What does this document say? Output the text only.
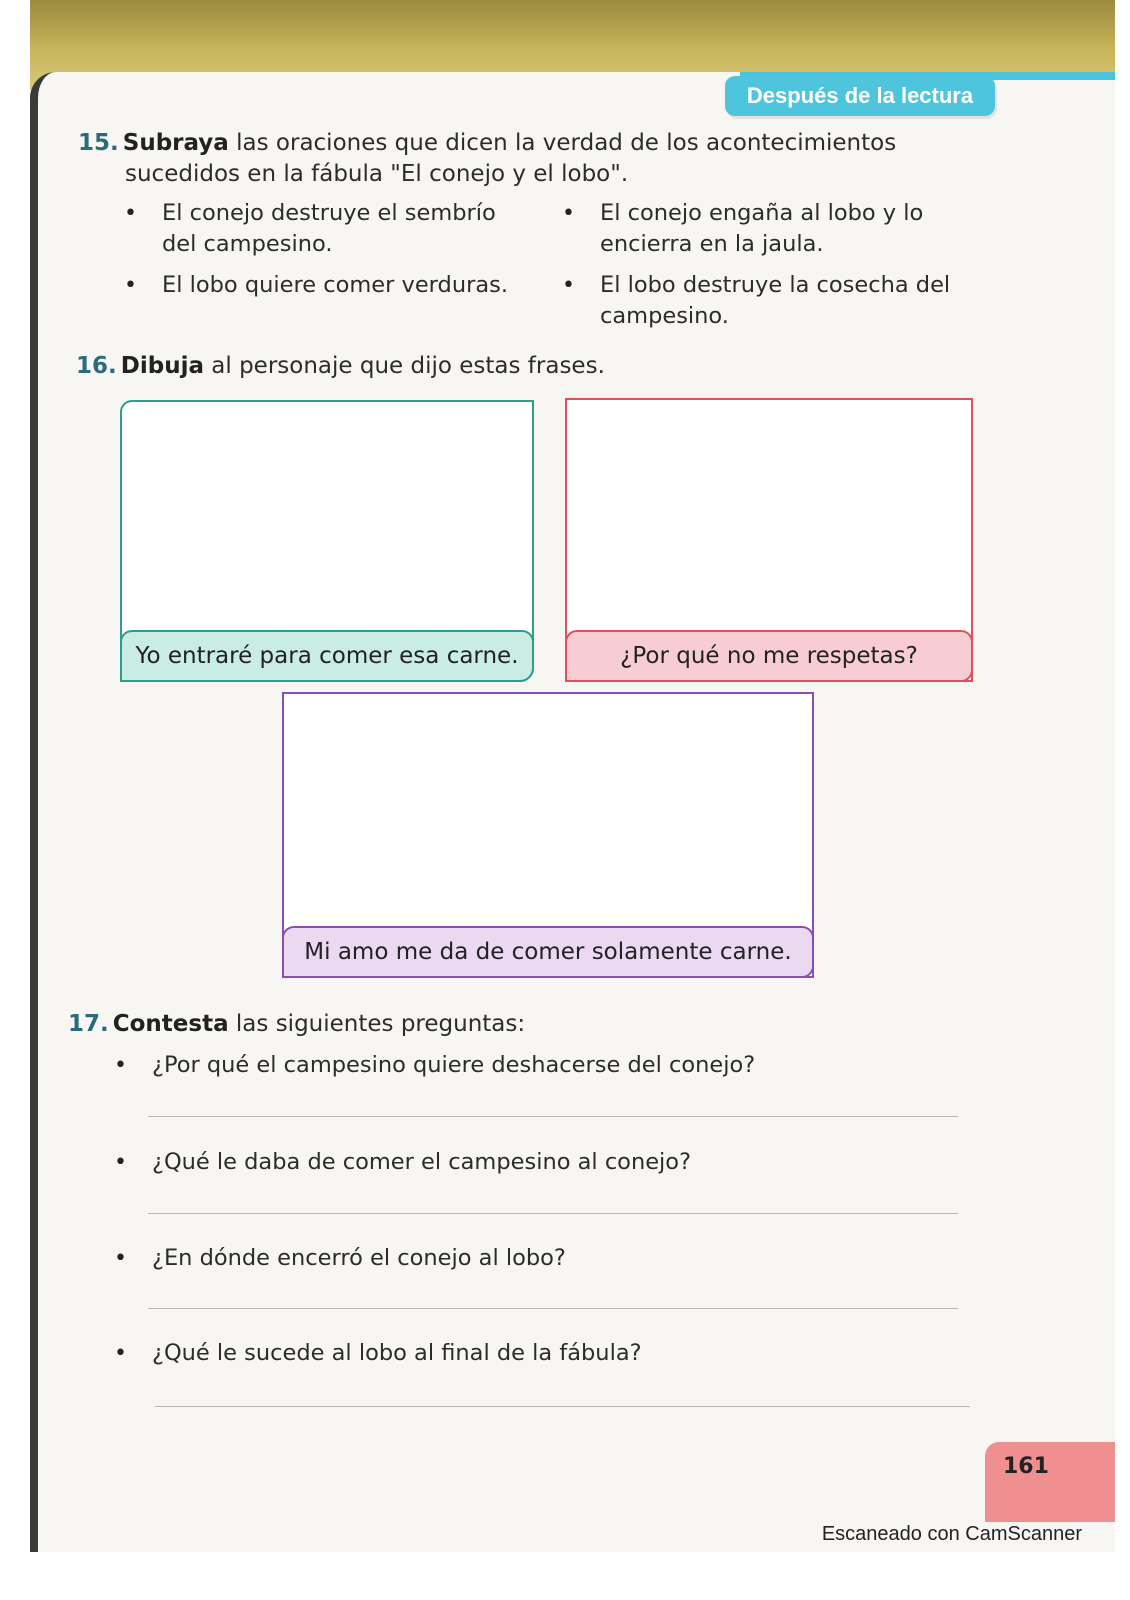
Después de la lectura
15. Subraya las oraciones que dicen la verdad de los acontecimientos
sucedidos en la fábula "El conejo y el lobo".
• El conejo destruye el sembrío
del campesino.
• El conejo engaña al lobo y lo
encierra en la jaula.
• El lobo quiere comer verduras.
•	El lobo destruye la cosecha del
campesino.
16. Dibuja al personaje que dijo estas frases.
Yo entraré para comer esa carne.	¿Por qué no me respetas?
Mi amo me da de comer solamente carne.
17. Contesta las siguientes preguntas:
• ¿Por qué el campesino quiere deshacerse del conejo?
• ¿Qué le daba de comer el campesino al conejo?
• ¿En dónde encerró el conejo al lobo?
• ¿Qué le sucede al lobo al final de la fábula?
161
Escaneado con CamScanner
